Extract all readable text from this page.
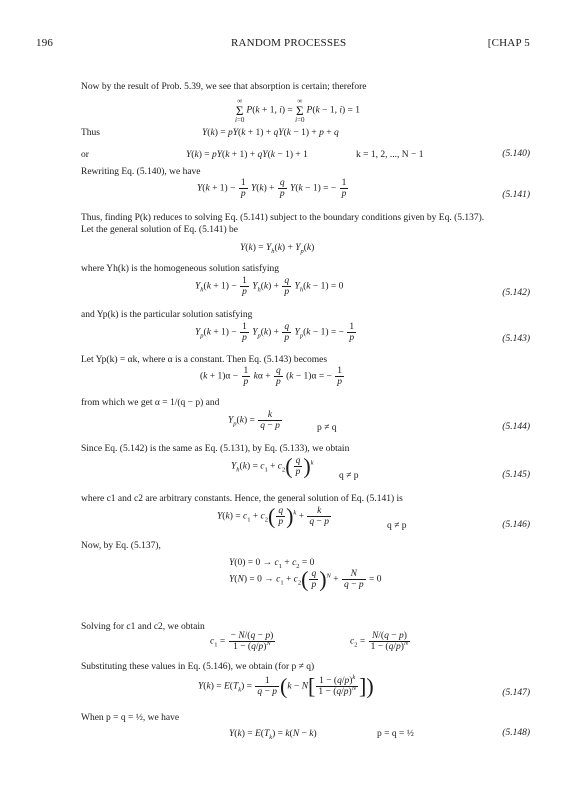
196	RANDOM PROCESSES	[CHAP 5
Now by the result of Prob. 5.39, we see that absorption is certain; therefore
∞
Σ
i=0P(k + 1, i) = ∞
Σ
i=0P(k − 1, i) = 1
Thus	Y(k) = pY(k + 1) + qY(k − 1) + p + q
or	Y(k) = pY(k + 1) + qY(k − 1) + 1	k = 1, 2, ..., N − 1	(5.140)
Rewriting Eq. (5.140), we have
$Y(k + 1) - \frac{1}{p} Y(k) + \frac{q}{p} Y(k - 1)$ = − $\frac{1}{p}$	(5.141)
Thus, finding P(k) reduces to solving Eq. (5.141) subject to the boundary conditions given by Eq. (5.137).
Let the general solution of Eq. (5.141) be
$Y(k) = Y_h(k) + Y_p(k)$
where Yh(k) is the homogeneous solution satisfying
$Y_h(k + 1) - \frac{1}{p} Y_h(k) + \frac{q}{p} Y_h(k - 1) = 0$
(5.142)
and Yp(k) is the particular solution satisfying
$Y_p(k + 1) - \frac{1}{p} Y_p(k) + \frac{q}{p} Y_p(k - 1)$ = − $\frac{1}{p}$	(5.143)
Let Yp(k) = αk, where α is a constant. Then Eq. (5.143) becomes
$(k + 1)\alpha - \frac{1}{p}$ $k\alpha + \frac{q}{p} (k - 1)\alpha$ = − $\frac{1}{p}$
from which we get α = 1/(q − p) and
$Y_p(k) = \frac{k}{q - p}$	p ≠ q	(5.144)
Since Eq. (5.142) is the same as Eq. (5.131), by Eq. (5.133), we obtain
$Y_h(k) = c_1 + c_2( \frac{q}{p} )^k$
q ≠ p	(5.145)
where c1 and c2 are arbitrary constants. Hence, the general solution of Eq. (5.141) is
$Y(k) = c_1 + c_2( \frac{q}{p} )^k + \frac{k}{q - p}$	q ≠ p	(5.146)
Now, by Eq. (5.137),
$Y(0) = 0 \to c_1 + c_2 = 0$
$Y(N) = 0 \to c_1 + c_2( \frac{q}{p} )^N + \frac{N}{q - p} = 0$
Solving for c1 and c2, we obtain
$c_1 = \frac{- N/(q - p)}{1 - (q/p)^N}$	$c_2 = \frac{N/(q - p)}{1 - (q/p)^N}$
Substituting these values in Eq. (5.146), we obtain (for p ≠ q)
$Y(k) = E(T_k) = \frac{1}{q - p} (k - N[ \frac{1 - (q/p)^k}{1 - (q/p)^N}$ ])	(5.147)
When p = q = ½, we have
$Y(k) = E(T_k) = k(N - k)$	p = q = ½	(5.148)
